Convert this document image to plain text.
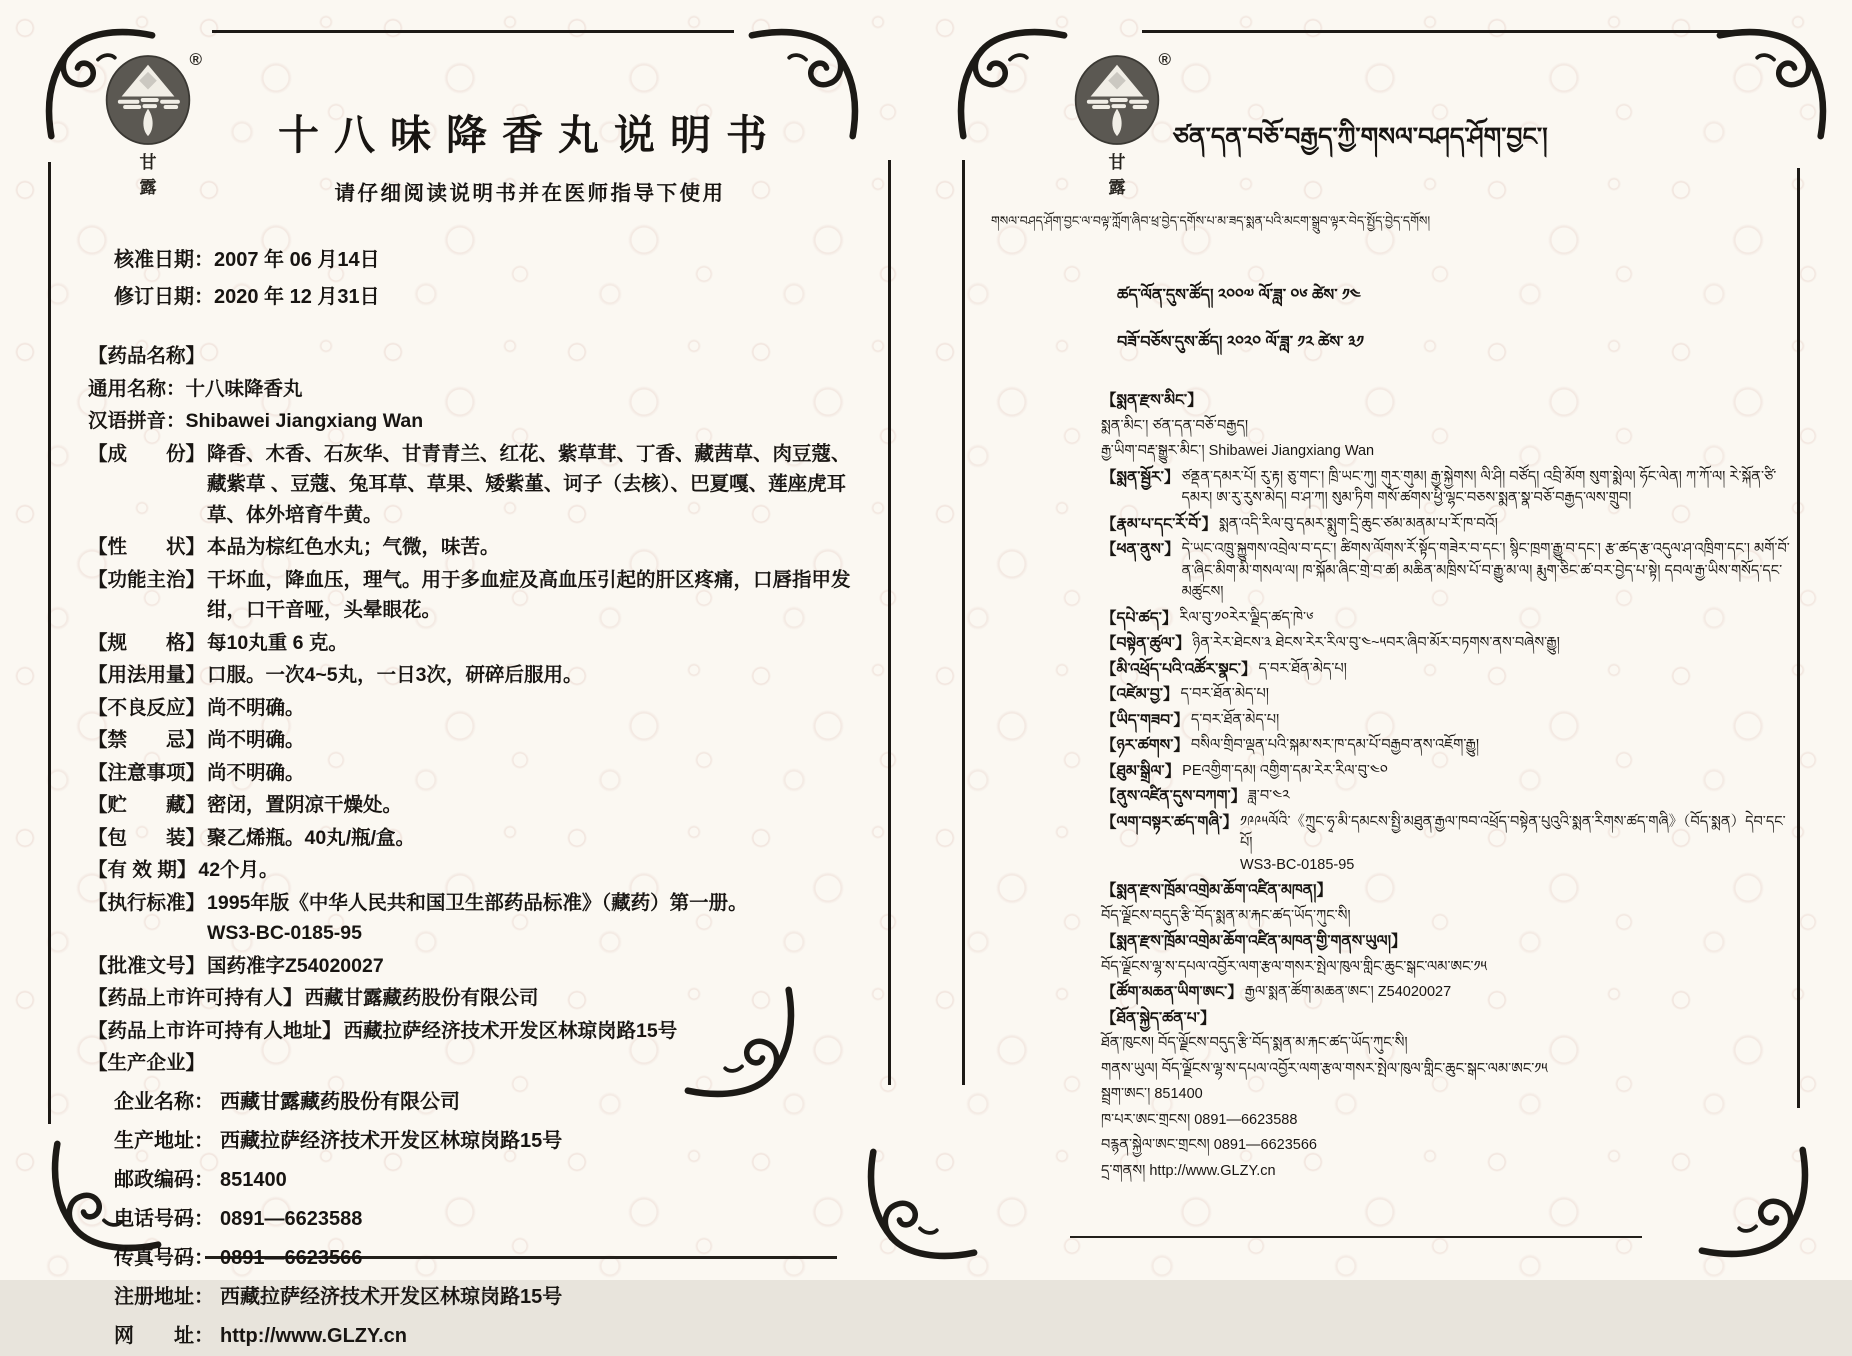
®
甘 露
十八味降香丸说明书
请仔细阅读说明书并在医师指导下使用
核准日期：2007 年 06 月14日
修订日期：2020 年 12 月31日
【药品名称】
通用名称：十八味降香丸
汉语拼音：Shibawei Jiangxiang Wan
【成　　份】 降香、木香、石灰华、甘青青兰、红花、紫草茸、丁香、藏茜草、肉豆蔻、 藏紫草 、豆蔻、兔耳草、草果、矮紫堇、诃子（去核）、巴夏嘎、莲座虎耳草、体外培育牛黄。
【性　　状】 本品为棕红色水丸；气微，味苦。
【功能主治】 干坏血，降血压，理气。用于多血症及高血压引起的肝区疼痛，口唇指甲发绀，口干音哑，头晕眼花。
【规　　格】 每10丸重 6 克。
【用法用量】 口服。一次4~5丸，一日3次，研碎后服用。
【不良反应】 尚不明确。
【禁　　忌】 尚不明确。
【注意事项】 尚不明确。
【贮　　藏】 密闭，置阴凉干燥处。
【包　　装】 聚乙烯瓶。40丸/瓶/盒。
【有 效 期】 42个月。
【执行标准】 1995年版《中华人民共和国卫生部药品标准》（藏药）第一册。
WS3-BC-0185-95
【批准文号】 国药准字Z54020027
【药品上市许可持有人】 西藏甘露藏药股份有限公司
【药品上市许可持有人地址】 西藏拉萨经济技术开发区林琼岗路15号
【生产企业】
企业名称： 西藏甘露藏药股份有限公司
生产地址： 西藏拉萨经济技术开发区林琼岗路15号
邮政编码： 851400
电话号码： 0891—6623588
传真号码： 0891—6623566
注册地址： 西藏拉萨经济技术开发区林琼岗路15号
网　　址： http://www.GLZY.cn
®
甘 露
ཙན་དན་བཅོ་བརྒྱད་ཀྱི་གསལ་བཤད་ཤོག་བྱང་།
གསལ་བཤད་ཤོག་བྱང་ལ་བལྟ་ཀློག་ཞིབ་ཕྲ་བྱེད་དགོས་པ་མ་ཟད་སྨན་པའི་མངག་སྒྲུབ་ལྟར་བེད་སྤྱོད་བྱེད་དགོས།
ཚད་ལོན་དུས་ཚོད། ༢༠༠༧ ལོ་ཟླ་ ༠༦ ཚེས་ ༡༤
བཟོ་བཅོས་དུས་ཚོད། ༢༠༢༠ ལོ་ཟླ་ ༡༢ ཚེས་ ༣༡
【སྨན་རྫས་མིང་】
སྨན་མིང་། ཙན་དན་བཅོ་བརྒྱད།
རྒྱ་ཡིག་བརྡ་སྒྱུར་མིང་། Shibawei Jiangxiang Wan
【སྨན་སྦྱོར་】 ཙནྡན་དམར་པོ། རུ་རྟ། ཅུ་གང་། ཁྲི་ཡང་ཀུ། གུར་གུམ། རྒྱ་སྐྱེགས། ལི་ཤི། བཙོད། འབྲི་མོག སུག་སྨེལ། ཧོང་ལེན། ཀ་ཀོ་ལ། རེ་སྐོན་ཙི་དམར། ཨ་རུ་རུས་མེད། བ་ཤ་ཀ། སུམ་ཏིག གསོ་ཚགས་ཕྱི་ལྷང་བཅས་སྨན་སྣ་བཅོ་བརྒྱད་ལས་གྲུབ།
【རྣམ་པ་དང་རོ་བོ་】 སྨན་འདི་རིལ་བུ་དམར་སྨུག་དྲི་ཆུང་ཙམ་མནམ་པ་རོ་ཁ་བའོ།
【ཕན་ནུས་】 དེ་ཡང་འཁྲུ་སྐྱུགས་འབྲེལ་བ་དང་། ཚིགས་ལོགས་རོ་སྟོད་གཟེར་བ་དང་། སྙིང་ཁྲག་རྒྱུ་བ་དང་། རྩ་ཚད་རྩ་འདུལ་ཤ་འཁྲིག་དང་། མགོ་བོ་ན་ཞིང་མིག་མི་གསལ་ལ། ཁ་སྐོམ་ཞིང་གྲེ་བ་ཚ། མཆིན་མཁྲིས་པོ་བ་རྒྱུ་མ་ལ། རྨུག་ཅིང་ཚ་བར་བྱེད་པ་སྟེ། དབལ་རྒྱ་ཡིས་གསོད་དང་མཚུངས།
【དཔེ་ཚད་】 རིལ་བུ་༡༠རེར་ལྗིད་ཚད་ཁེ་༦
【བསྟེན་ཚུལ་】 ཉིན་རེར་ཐེངས་༣ ཐེངས་རེར་རིལ་བུ་༤~༥བར་ཞིབ་མོར་བཏགས་ནས་བཞེས་རྒྱུ།
【མི་འཕྲོད་པའི་འཚོར་སྣང་】 ད་བར་ཐོན་མེད་པ།
【འཛེམ་བྱ་】 ད་བར་ཐོན་མེད་པ།
【ཡིད་གཟབ་】 ད་བར་ཐོན་མེད་པ།
【ཉར་ཚགས་】 བསིལ་གྲིབ་ལྡན་པའི་སྐམ་སར་ཁ་དམ་པོ་བརྒྱབ་ནས་འཇོག་རྒྱུ།
【ཐུམ་སྒྲིལ་】 PEའགྱིག་དམ། འགྱིག་དམ་རེར་རིལ་བུ་༤༠
【ནུས་འཛིན་དུས་བཀག་】 ཟླ་བ་༤༢
【ལག་བསྟར་ཚད་གཞི་】 ༡༩༩༥ལོའི་《ཀྲུང་ཧྭ་མི་དམངས་སྤྱི་མཐུན་རྒྱལ་ཁབ་འཕྲོད་བསྟེན་པུའུའི་སྨན་རིགས་ཚད་གཞི》（བོད་སྨན）དེབ་དང་པོ།
WS3-BC-0185-95
【སྨན་རྫས་ཁྲོམ་འགྲེམ་ཆོག་འཛིན་མཁན།】
བོད་ལྗོངས་བདུད་རྩི་བོད་སྨན་མ་རྐང་ཚད་ཡོད་ཀུང་སི།
【སྨན་རྫས་ཁྲོམ་འགྲེམ་ཆོག་འཛིན་མཁན་གྱི་གནས་ཡུལ།】
བོད་ལྗོངས་ལྷ་ས་དཔལ་འབྱོར་ལག་རྩལ་གསར་སྤེལ་ཁུལ་གླིང་ཆུང་སྒང་ལམ་ཨང་༡༥
【ཚོག་མཆན་ཡིག་ཨང་】 རྒྱལ་སྨན་ཚོག་མཆན་ཨང་། Z54020027
【ཐོན་སྐྱེད་ཚན་པ་】
ཐོན་ཁུངས། བོད་ལྗོངས་བདུད་རྩི་བོད་སྨན་མ་རྐང་ཚད་ཡོད་ཀུང་སི།
གནས་ཡུལ། བོད་ལྗོངས་ལྷ་ས་དཔལ་འབྱོར་ལག་རྩལ་གསར་སྤེལ་ཁུལ་གླིང་ཆུང་སྒང་ལམ་ཨང་༡༥
སྦྲག་ཨང་། 851400
ཁ་པར་ཨང་གྲངས། 0891—6623588
བརྙན་སྐྱེལ་ཨང་གྲངས། 0891—6623566
དྲ་གནས། http://www.GLZY.cn
